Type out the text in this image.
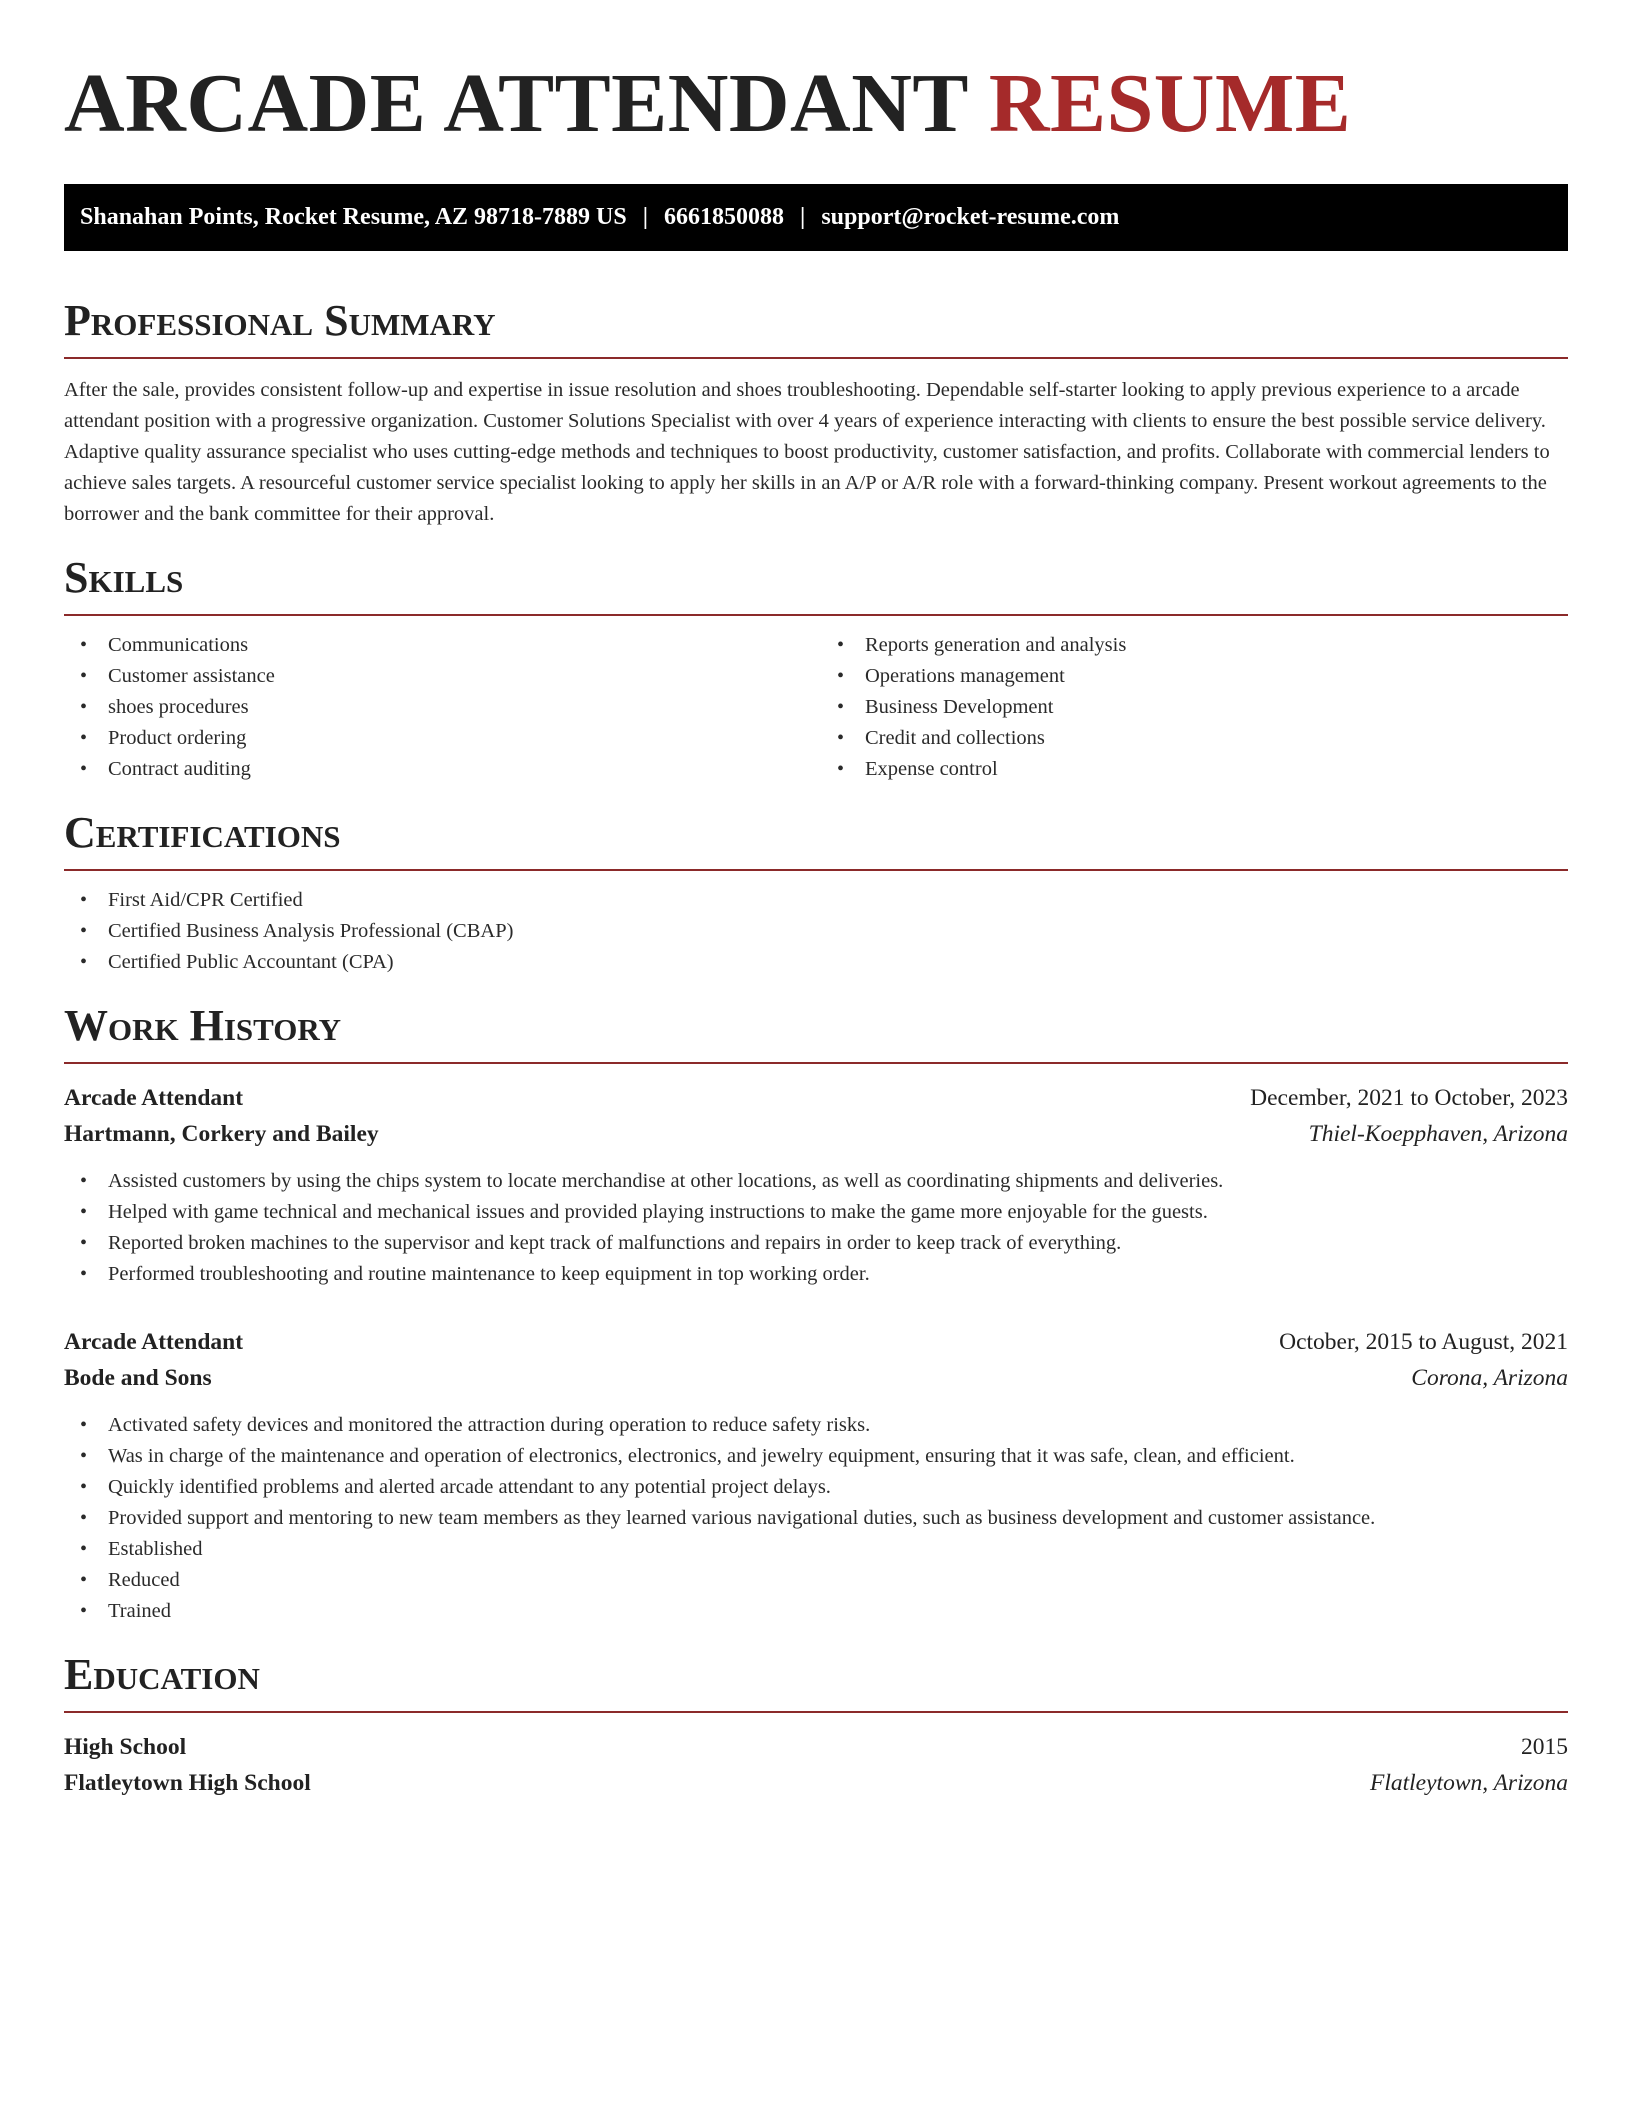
ARCADE ATTENDANT RESUME
Shanahan Points, Rocket Resume, AZ 98718-7889 US | 6661850088 | support@rocket-resume.com
Professional Summary

After the sale, provides consistent follow-up and expertise in issue resolution and shoes troubleshooting. Dependable self-starter looking to apply previous experience to a arcade attendant position with a progressive organization. Customer Solutions Specialist with over 4 years of experience interacting with clients to ensure the best possible service delivery. Adaptive quality assurance specialist who uses cutting-edge methods and techniques to boost productivity, customer satisfaction, and profits. Collaborate with commercial lenders to achieve sales targets. A resourceful customer service specialist looking to apply her skills in an A/P or A/R role with a forward-thinking company. Present workout agreements to the borrower and the bank committee for their approval.

Skills
• Communications
• Customer assistance
• shoes procedures
• Product ordering
• Contract auditing
• Reports generation and analysis
• Operations management
• Business Development
• Credit and collections
• Expense control
Certifications
• First Aid/CPR Certified
• Certified Business Analysis Professional (CBAP)
• Certified Public Accountant (CPA)
Work History
Arcade Attendant	December, 2021 to October, 2023
Hartmann, Corkery and Bailey	Thiel-Koepphaven, Arizona
• Assisted customers by using the chips system to locate merchandise at other locations, as well as coordinating shipments and deliveries.
• Helped with game technical and mechanical issues and provided playing instructions to make the game more enjoyable for the guests.
• Reported broken machines to the supervisor and kept track of malfunctions and repairs in order to keep track of everything.
• Performed troubleshooting and routine maintenance to keep equipment in top working order.
Arcade Attendant	October, 2015 to August, 2021
Bode and Sons	Corona, Arizona
• Activated safety devices and monitored the attraction during operation to reduce safety risks.
• Was in charge of the maintenance and operation of electronics, electronics, and jewelry equipment, ensuring that it was safe, clean, and efficient.
• Quickly identified problems and alerted arcade attendant to any potential project delays.
• Provided support and mentoring to new team members as they learned various navigational duties, such as business development and customer assistance.
• Established
• Reduced
• Trained
Education
High School	2015
Flatleytown High School	Flatleytown, Arizona
